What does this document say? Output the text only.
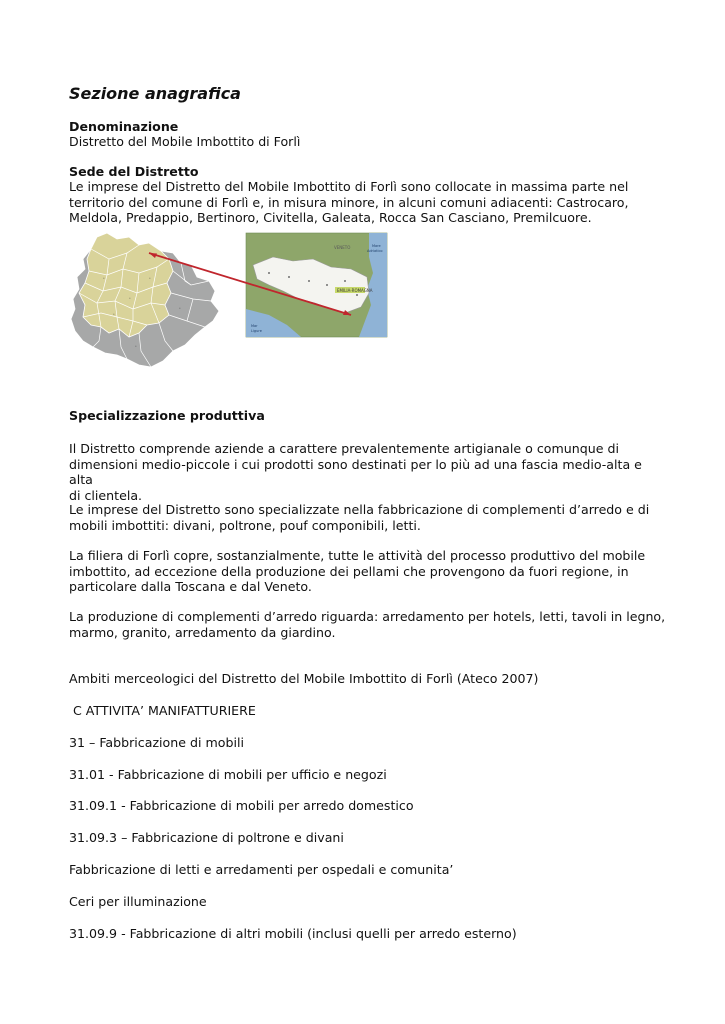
Sezione anagrafica
Denominazione
Distretto del Mobile Imbottito di Forlì
Sede del Distretto

Le imprese del Distretto del Mobile Imbottito di Forlì sono collocate in massima parte nel

territorio del comune di Forlì e, in misura minore, in alcuni comuni adiacenti: Castrocaro,

Meldola, Predappio, Bertinoro, Civitella, Galeata, Rocca San Casciano, Premilcuore.

•
•
•
•
•
•
VENETO	Mare
Adriatico
Mar
Ligure
EMILIA-ROMAGNA
Specializzazione produttiva

Il Distretto comprende aziende a carattere prevalentemente artigianale o comunque di

dimensioni medio-piccole i cui prodotti sono destinati per lo più ad una fascia medio-alta e alta

di clientela.

Le imprese del Distretto sono specializzate nella fabbricazione di complementi d’arredo e di

mobili imbottiti: divani, poltrone, pouf componibili, letti.

La filiera di Forlì copre, sostanzialmente, tutte le attività del processo produttivo del mobile

imbottito, ad eccezione della produzione dei pellami che provengono da fuori regione, in

particolare dalla Toscana e dal Veneto.

La produzione di complementi d’arredo riguarda: arredamento per hotels, letti, tavoli in legno,

marmo, granito, arredamento da giardino.

Ambiti merceologici del Distretto del Mobile Imbottito di Forlì (Ateco 2007)
C ATTIVITA’ MANIFATTURIERE
31 – Fabbricazione di mobili
31.01 - Fabbricazione di mobili per ufficio e negozi
31.09.1 - Fabbricazione di mobili per arredo domestico
31.09.3 – Fabbricazione di poltrone e divani
Fabbricazione di letti e arredamenti per ospedali e comunita’
Ceri per illuminazione
31.09.9 - Fabbricazione di altri mobili (inclusi quelli per arredo esterno)
